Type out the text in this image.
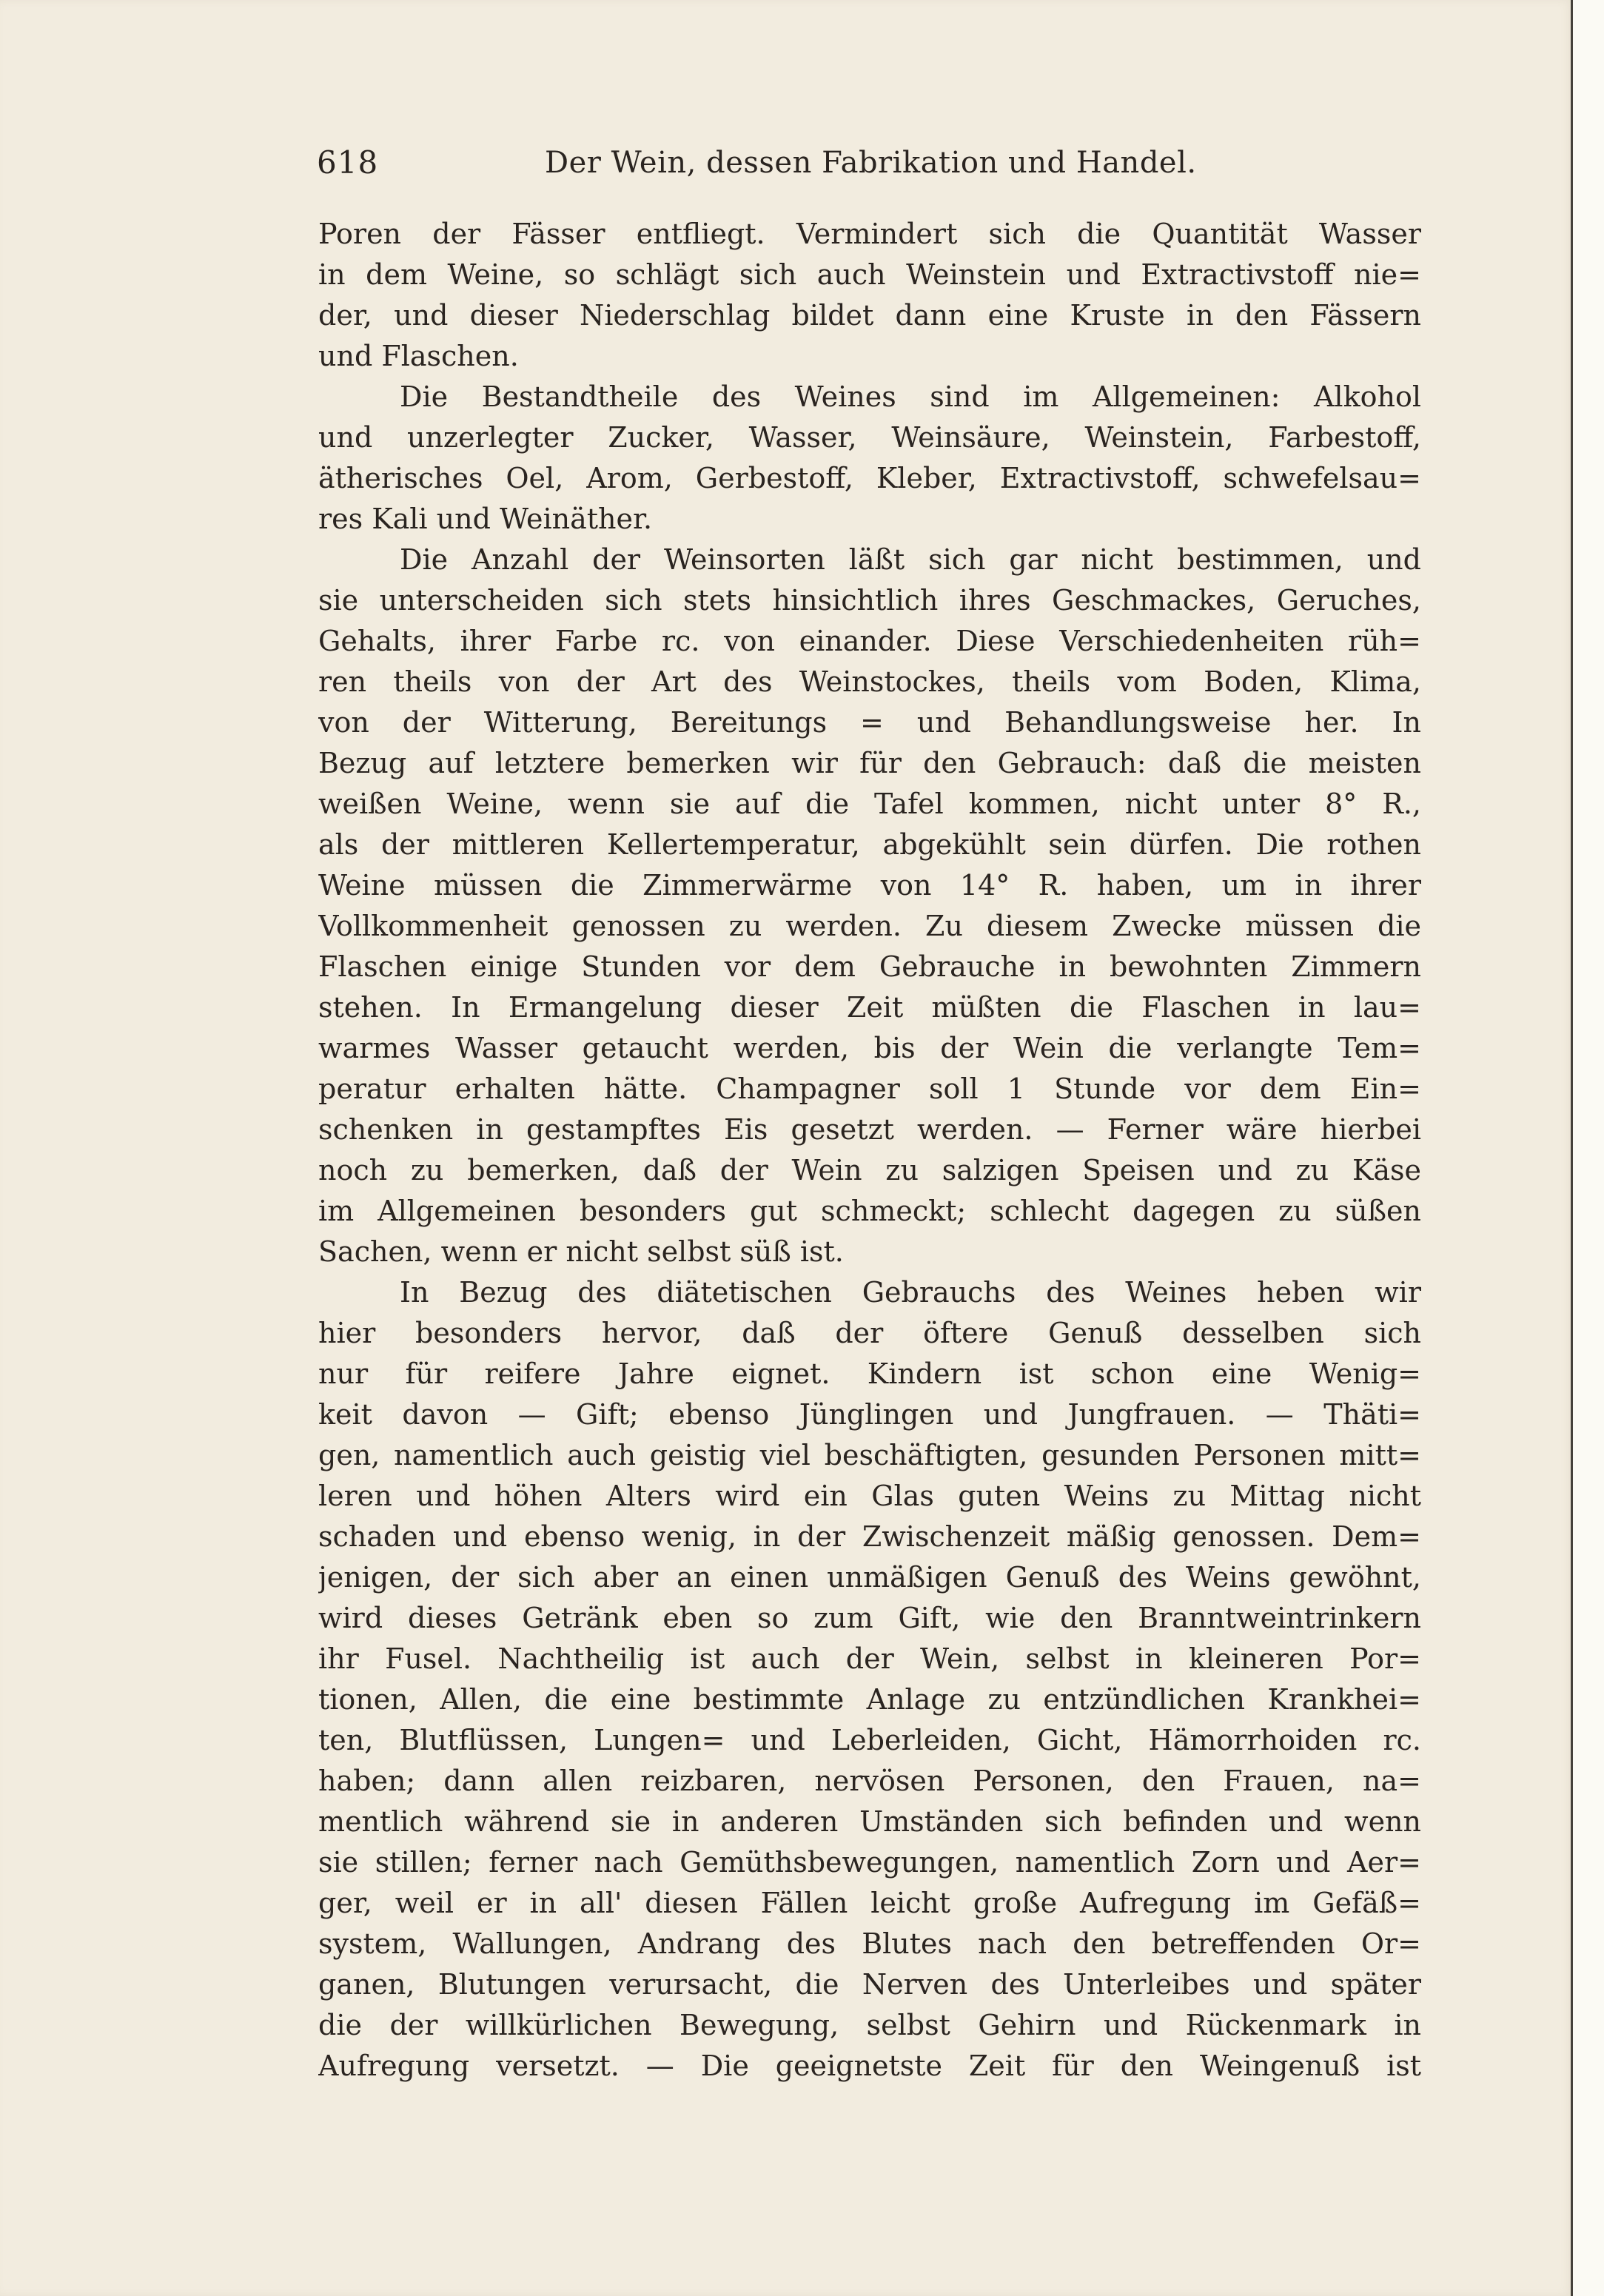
618	Der Wein, dessen Fabrikation und Handel.
Poren der Fässer entfliegt. Vermindert sich die Quantität Wasser
in dem Weine, so schlägt sich auch Weinstein und Extractivstoff nie=
der, und dieser Niederschlag bildet dann eine Kruste in den Fässern
und Flaschen.
Die Bestandtheile des Weines sind im Allgemeinen: Alkohol
und unzerlegter Zucker, Wasser, Weinsäure, Weinstein, Farbestoff,
ätherisches Oel, Arom, Gerbestoff, Kleber, Extractivstoff, schwefelsau=
res Kali und Weinäther.
Die Anzahl der Weinsorten läßt sich gar nicht bestimmen, und
sie unterscheiden sich stets hinsichtlich ihres Geschmackes, Geruches,
Gehalts, ihrer Farbe rc. von einander. Diese Verschiedenheiten rüh=
ren theils von der Art des Weinstockes, theils vom Boden, Klima,
von der Witterung, Bereitungs = und Behandlungsweise her. In
Bezug auf letztere bemerken wir für den Gebrauch: daß die meisten
weißen Weine, wenn sie auf die Tafel kommen, nicht unter 8° R.,
als der mittleren Kellertemperatur, abgekühlt sein dürfen. Die rothen
Weine müssen die Zimmerwärme von 14° R. haben, um in ihrer
Vollkommenheit genossen zu werden. Zu diesem Zwecke müssen die
Flaschen einige Stunden vor dem Gebrauche in bewohnten Zimmern
stehen. In Ermangelung dieser Zeit müßten die Flaschen in lau=
warmes Wasser getaucht werden, bis der Wein die verlangte Tem=
peratur erhalten hätte. Champagner soll 1 Stunde vor dem Ein=
schenken in gestampftes Eis gesetzt werden. — Ferner wäre hierbei
noch zu bemerken, daß der Wein zu salzigen Speisen und zu Käse
im Allgemeinen besonders gut schmeckt; schlecht dagegen zu süßen
Sachen, wenn er nicht selbst süß ist.
In Bezug des diätetischen Gebrauchs des Weines heben wir
hier besonders hervor, daß der öftere Genuß desselben sich
nur für reifere Jahre eignet. Kindern ist schon eine Wenig=
keit davon — Gift; ebenso Jünglingen und Jungfrauen. — Thäti=
gen, namentlich auch geistig viel beschäftigten, gesunden Personen mitt=
leren und höhen Alters wird ein Glas guten Weins zu Mittag nicht
schaden und ebenso wenig, in der Zwischenzeit mäßig genossen. Dem=
jenigen, der sich aber an einen unmäßigen Genuß des Weins gewöhnt,
wird dieses Getränk eben so zum Gift, wie den Branntweintrinkern
ihr Fusel. Nachtheilig ist auch der Wein, selbst in kleineren Por=
tionen, Allen, die eine bestimmte Anlage zu entzündlichen Krankhei=
ten, Blutflüssen, Lungen= und Leberleiden, Gicht, Hämorrhoiden rc.
haben; dann allen reizbaren, nervösen Personen, den Frauen, na=
mentlich während sie in anderen Umständen sich befinden und wenn
sie stillen; ferner nach Gemüthsbewegungen, namentlich Zorn und Aer=
ger, weil er in all' diesen Fällen leicht große Aufregung im Gefäß=
system, Wallungen, Andrang des Blutes nach den betreffenden Or=
ganen, Blutungen verursacht, die Nerven des Unterleibes und später
die der willkürlichen Bewegung, selbst Gehirn und Rückenmark in
Aufregung versetzt. — Die geeignetste Zeit für den Weingenuß ist
